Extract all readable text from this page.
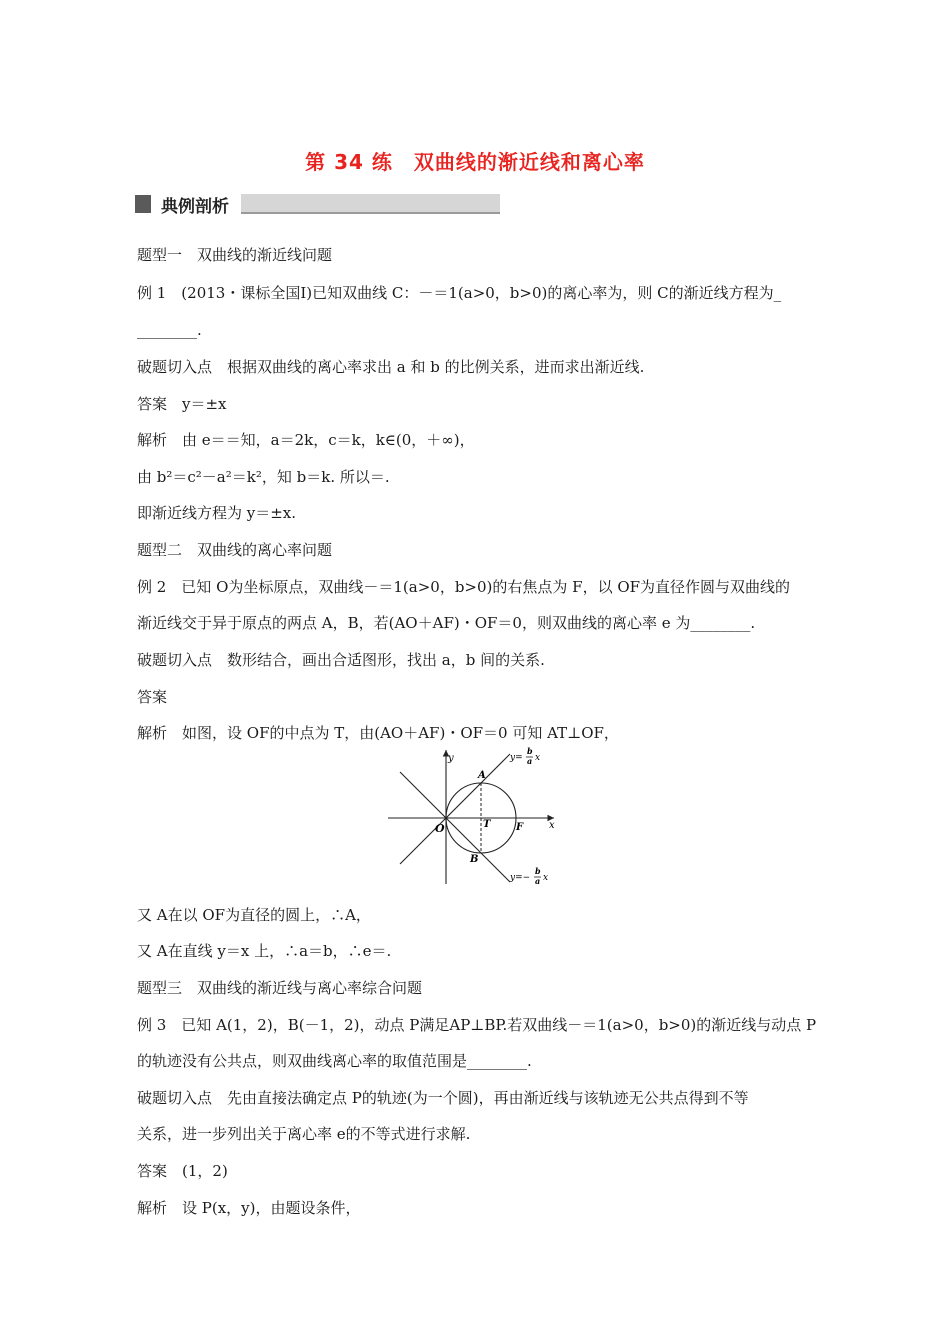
第 34 练　双曲线的渐近线和离心率
典例剖析
题型一　双曲线的渐近线问题
例 1　(2013・课标全国Ⅰ)已知双曲线 C：－＝1(a>0，b>0)的离心率为，则 C的渐近线方程为_
________.
破题切入点　根据双曲线的离心率求出 a 和 b 的比例关系，进而求出渐近线.
答案　y＝±x
解析　由 e＝＝知，a＝2k，c＝k，k∈(0，＋∞)，
由 b²＝c²－a²＝k²，知 b＝k. 所以＝.
即渐近线方程为 y＝±x.
题型二　双曲线的离心率问题
例 2　已知 O为坐标原点，双曲线－＝1(a>0，b>0)的右焦点为 F，以 OF为直径作圆与双曲线的
渐近线交于异于原点的两点 A，B，若(AO＋AF)・OF＝0，则双曲线的离心率 e 为________.
破题切入点　数形结合，画出合适图形，找出 a，b 间的关系.
答案
解析　如图，设 OF的中点为 T，由(AO＋AF)・OF＝0 可知 AT⊥OF，
y
x
O	T	F
A
B
y=
b
a x
y=−
b
a x
又 A在以 OF为直径的圆上，∴A，
又 A在直线 y＝x 上，∴a＝b，∴e＝.
题型三　双曲线的渐近线与离心率综合问题
例 3　已知 A(1，2)，B(－1，2)，动点 P满足AP⊥BP.若双曲线－＝1(a>0，b>0)的渐近线与动点 P
的轨迹没有公共点，则双曲线离心率的取值范围是________.
破题切入点　先由直接法确定点 P的轨迹(为一个圆)，再由渐近线与该轨迹无公共点得到不等
关系，进一步列出关于离心率 e的不等式进行求解.
答案　(1，2)
解析　设 P(x，y)，由题设条件，
